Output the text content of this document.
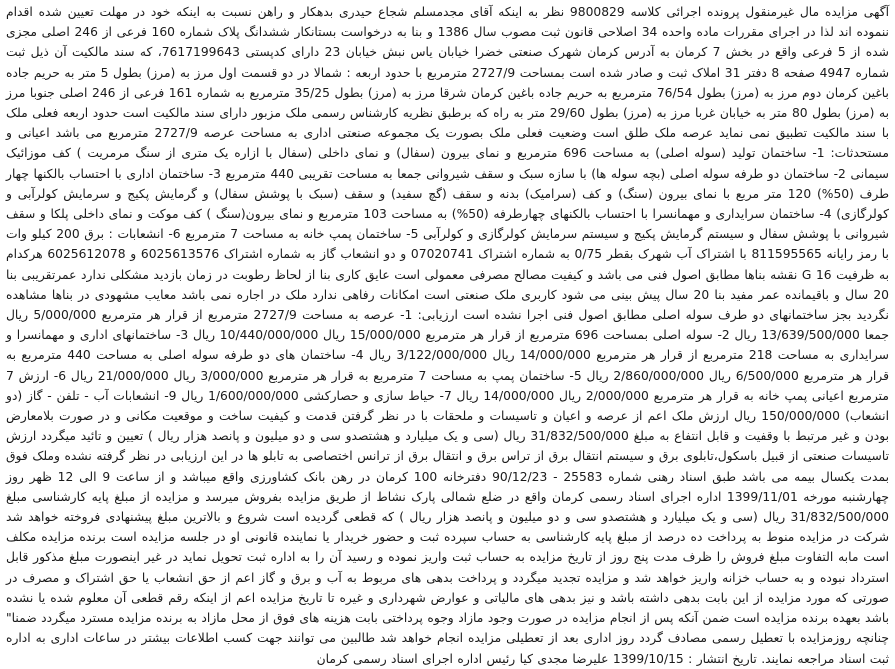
آگهی مزایده مال غیرمنقول پرونده اجرائی کلاسه 9800829 نظر به اینکه آقای مجدمسلم شجاع حیدری بدهکار و راهن نسبت به اینکه خود در مهلت تعیین شده اقدام ننموده اند لذا در اجرای مقررات ماده واحده 34 اصلاحی قانون ثبت مصوب سال 1386 و بنا به درخواست بستانکار ششدانگ پلاک شماره 160 فرعی از 246 اصلی مجزی شده از 5 فرعی واقع در بخش 7 کرمان به آدرس کرمان شهرک صنعتی خضرا خیابان یاس نبش خیابان 23 دارای کدپستی 7617199643، که سند مالکیت آن ذیل ثبت شماره 4947 صفحه 8 دفتر 31 املاک ثبت و صادر شده است بمساحت 2727/9 مترمربع با حدود اربعه : شمالا در دو قسمت اول مرز به (مرز) بطول 5 متر به حریم جاده باغین کرمان دوم مرز به (مرز) بطول 76/54 مترمربع به حریم جاده باغین کرمان شرقا مرز به (مرز) بطول 35/25 مترمربع به شماره 161 فرعی از 246 اصلی جنوبا مرز به (مرز) بطول 80 متر به خیابان غربا مرز به (مرز) بطول 29/60 متر به راه که برطبق نظریه کارشناس رسمی ملک مزبور دارای سند مالکیت است حدود اربعه فعلی ملک با سند مالکیت تطبیق نمی نماید عرصه ملک طلق است وضعیت فعلی ملک بصورت یک مجموعه صنعتی اداری به مساحت عرصه 2727/9 مترمربع می باشد اعیانی و مستحدثات: 1- ساختمان تولید (سوله اصلی) به مساحت 696 مترمربع و نمای بیرون (سفال) و نمای داخلی (سفال با ازاره یک متری از سنگ مرمریت ) کف موزائیک سیمانی 2- ساختمان دو طرفه سوله اصلی (بچه سوله ها) با سازه سبک و سقف شیروانی جمعا به مساحت تقریبی 440 مترمربع 3- ساختمان اداری با احتساب بالکنها چهار طرف (50%) 120 متر مربع با نمای بیرون (سنگ) و کف (سرامیک) بدنه و سقف (گچ سفید) و سقف (سبک با پوشش سفال) و گرمایش پکیج و سرمایش کولرآبی و کولرگازی) 4- ساختمان سرایداری و مهمانسرا با احتساب بالکنهای چهارطرفه (50%) به مساحت 103 مترمربع و نمای بیرون(سنگ ) کف موکت و نمای داخلی پلکا و سقف شیروانی با پوشش سفال و سیستم گرمایش پکیج و سیستم سرمایش کولرگازی و کولرآبی 5- ساختمان پمپ خانه به مساحت 7 مترمربع 6- انشعابات : برق 200 کیلو وات با رمز رایانه 811595565 با اشتراک آب شهرک بقطر 0/75 به شماره اشتراک 07020741 و دو انشعاب گاز به شماره اشتراک 6025613576 و 6025612078 هرکدام به ظرفیت G 16 نقشه بناها مطابق اصول فنی می باشد و کیفیت مصالح مصرفی معمولی است عایق کاری بنا از لحاظ رطوبت در زمان بازدید مشکلی ندارد عمرتقریبی بنا 20 سال و باقیمانده عمر مفید بنا 20 سال پیش بینی می شود کاربری ملک صنعتی است امکانات رفاهی ندارد ملک در اجاره نمی باشد معایب مشهودی در بناها مشاهده نگردید بجز ساختمانهای دو طرف سوله اصلی مطابق اصول فنی اجرا نشده است ارزیابی: 1- عرصه به مساحت 2727/9 مترمربع از قرار هر مترمربع 5/000/000 ریال جمعا 13/639/500/000 ریال 2- سوله اصلی بمساحت 696 مترمربع از قرار هر مترمربع 15/000/000 ریال 10/440/000/000 ریال 3- ساختمانهای اداری و مهمانسرا و سرایداری به مساحت 218 مترمربع از قرار هر مترمربع 14/000/000 ریال 3/122/000/000 ریال 4- ساختمان های دو طرفه سوله اصلی به مساحت 440 مترمربع به قرار هر مترمربع 6/500/000 ریال 2/860/000/000 ریال 5- ساختمان پمپ به مساحت 7 مترمربع به قرار هر مترمربع 3/000/000 ریال 21/000/000 ریال 6- ارزش 7 مترمربع اعیانی پمپ خانه به قرار هر مترمربع 2/000/000 ریال 14/000/000 ریال 7- حیاط سازی و حصارکشی 1/600/000/000 ریال 9- انشعابات آب - تلفن - گاز (دو انشعاب) 150/000/000 ریال ارزش ملک اعم از عرصه و اعیان و تاسیسات و ملحقات با در نظر گرفتن قدمت و کیفیت ساخت و موقعیت مکانی و در صورت بلامعارض بودن و غیر مرتبط با وقفیت و قابل انتفاع به مبلغ 31/832/500/000 ریال (سی و یک میلیارد و هشتصدو سی و دو میلیون و پانصد هزار ریال ) تعیین و تائید میگردد ارزش تاسیسات صنعتی از قبیل باسکول،تابلوی برق و سیستم انتقال برق از تراس برق و انتقال برق از ترانس اختصاصی به تابلو ها در این ارزیابی در نظر گرفته نشده وملک فوق بمدت یکسال بیمه می باشد طبق اسناد رهنی شماره 25583 - 90/12/23 دفترخانه 100 کرمان در رهن بانک کشاورزی واقع میباشد و از ساعت 9 الی 12 ظهر روز چهارشنبه مورخه 1399/11/01 اداره اجرای اسناد رسمی کرمان واقع در ضلع شمالی پارک نشاط از طریق مزایده بفروش میرسد و مزایده از مبلغ پایه کارشناسی مبلغ 31/832/500/000 ریال (سی و یک میلیارد و هشتصدو سی و دو میلیون و پانصد هزار ریال ) که قطعی گردیده است شروع و بالاترین مبلغ پیشنهادی فروخته خواهد شد شرکت در مزایده منوط به پرداخت ده درصد از مبلغ پایه کارشناسی به حساب سپرده ثبت و حضور خریدار یا نماینده قانونی او در جلسه مزایده است برنده مزایده مکلف است مابه التفاوت مبلغ فروش را ظرف مدت پنج روز از تاریخ مزایده به حساب ثبت واریز نموده و رسید آن را به اداره ثبت تحویل نماید در غیر اینصورت مبلغ مذکور قابل استرداد نبوده و به حساب خزانه واریز خواهد شد و مزایده تجدید میگردد و پرداخت بدهی های مربوط به آب و برق و گاز اعم از حق انشعاب یا حق اشتراک و مصرف در صورتی که مورد مزایده از این بابت بدهی داشته باشد و نیز بدهی های مالیاتی و عوارض شهرداری و غیره تا تاریخ مزایده اعم از اینکه رقم قطعی آن معلوم شده یا نشده باشد بعهده برنده مزایده است ضمن آنکه پس از انجام مزایده در صورت وجود مازاد وجوه پرداختی بابت هزینه های فوق از محل مازاد به برنده مزایده مسترد میگردد ضمنا" چنانچه روزمزایده با تعطیل رسمی مصادف گردد روز اداری بعد از تعطیلی مزایده انجام خواهد شد طالبین می توانند جهت کسب اطلاعات بیشتر در ساعات اداری به اداره ثبت اسناد مراجعه نمایند. تاریخ انتشار : 1399/10/15 علیرضا مجدی کیا رئیس اداره اجرای اسناد رسمی کرمان
